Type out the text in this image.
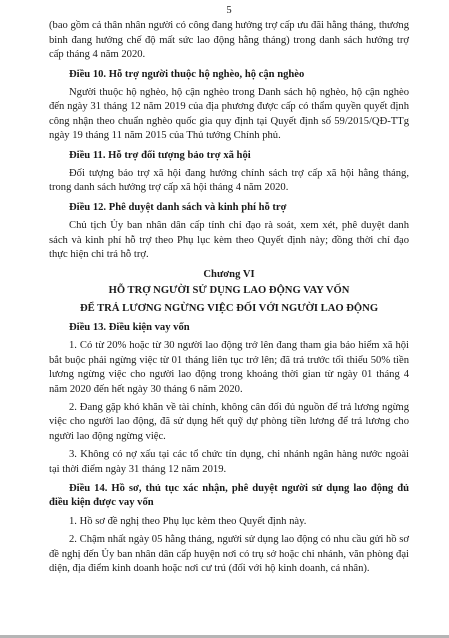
5

(bao gồm cả thân nhân người có công đang hưởng trợ cấp ưu đãi hằng tháng, thương binh đang hưởng chế độ mất sức lao động hằng tháng) trong danh sách hưởng trợ cấp tháng 4 năm 2020.

Điều 10. Hỗ trợ người thuộc hộ nghèo, hộ cận nghèo

Người thuộc hộ nghèo, hộ cận nghèo trong Danh sách hộ nghèo, hộ cận nghèo đến ngày 31 tháng 12 năm 2019 của địa phương được cấp có thẩm quyền quyết định công nhận theo chuẩn nghèo quốc gia quy định tại Quyết định số 59/2015/QĐ-TTg ngày 19 tháng 11 năm 2015 của Thủ tướng Chính phủ.

Điều 11. Hỗ trợ đối tượng bảo trợ xã hội

Đối tượng bảo trợ xã hội đang hưởng chính sách trợ cấp xã hội hằng tháng, trong danh sách hưởng trợ cấp xã hội tháng 4 năm 2020.

Điều 12. Phê duyệt danh sách và kinh phí hỗ trợ

Chủ tịch Ủy ban nhân dân cấp tỉnh chỉ đạo rà soát, xem xét, phê duyệt danh sách và kinh phí hỗ trợ theo Phụ lục kèm theo Quyết định này; đồng thời chỉ đạo thực hiện chi trả hỗ trợ.

Chương VI

HỖ TRỢ NGƯỜI SỬ DỤNG LAO ĐỘNG VAY VỐN

ĐỂ TRẢ LƯƠNG NGỪNG VIỆC ĐỐI VỚI NGƯỜI LAO ĐỘNG

Điều 13. Điều kiện vay vốn

1. Có từ 20% hoặc từ 30 người lao động trở lên đang tham gia bảo hiểm xã hội bắt buộc phải ngừng việc từ 01 tháng liên tục trở lên; đã trả trước tối thiểu 50% tiền lương ngừng việc cho người lao động trong khoảng thời gian từ ngày 01 tháng 4 năm 2020 đến hết ngày 30 tháng 6 năm 2020.

2. Đang gặp khó khăn về tài chính, không cân đối đủ nguồn để trả lương ngừng việc cho người lao động, đã sử dụng hết quỹ dự phòng tiền lương để trả lương cho người lao động ngừng việc.

3. Không có nợ xấu tại các tổ chức tín dụng, chi nhánh ngân hàng nước ngoài tại thời điểm ngày 31 tháng 12 năm 2019.

Điều 14. Hồ sơ, thủ tục xác nhận, phê duyệt người sử dụng lao động đủ điều kiện được vay vốn

1. Hồ sơ đề nghị theo Phụ lục kèm theo Quyết định này.

2. Chậm nhất ngày 05 hằng tháng, người sử dụng lao động có nhu cầu gửi hồ sơ đề nghị đến Ủy ban nhân dân cấp huyện nơi có trụ sở hoặc chi nhánh, văn phòng đại diện, địa điểm kinh doanh hoặc nơi cư trú (đối với hộ kinh doanh, cá nhân).
